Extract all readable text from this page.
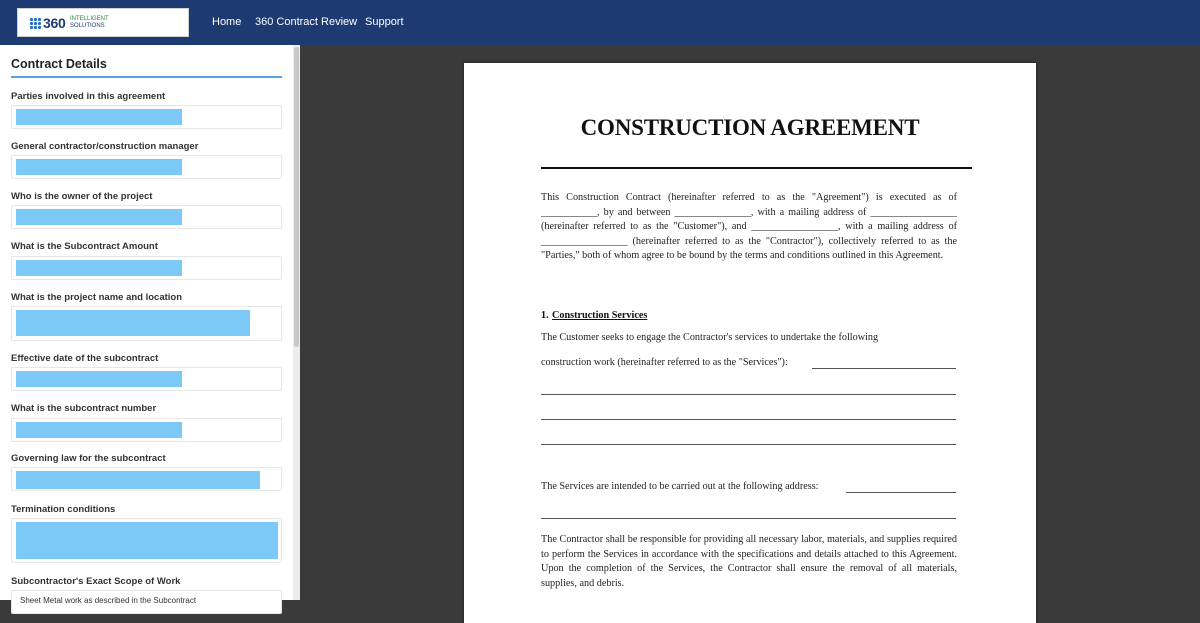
360 INTELLIGENT
SOLUTIONS	Home 360 Contract Review Support
Contract Details
Parties involved in this agreement
General contractor/construction manager
Who is the owner of the project
What is the Subcontract Amount
What is the project name and location
Effective date of the subcontract
What is the subcontract number
Governing law for the subcontract
Termination conditions
Subcontractor's Exact Scope of Work
Sheet Metal work as described in the Subcontract
CONSTRUCTION AGREEMENT
This Construction Contract (hereinafter referred to as the "Agreement") is executed as of ___________, by and between _______________, with a mailing address of _________________ (hereinafter referred to as the "Customer"), and _________________, with a mailing address of _________________ (hereinafter referred to as the "Contractor"), collectively referred to as the "Parties," both of whom agree to be bound by the terms and conditions outlined in this Agreement.
1. Construction Services
The Customer seeks to engage the Contractor's services to undertake the following
construction work (hereinafter referred to as the "Services"):
The Services are intended to be carried out at the following address:
The Contractor shall be responsible for providing all necessary labor, materials, and supplies required to perform the Services in accordance with the specifications and details attached to this Agreement. Upon the completion of the Services, the Contractor shall ensure the removal of all materials, supplies, and debris.
